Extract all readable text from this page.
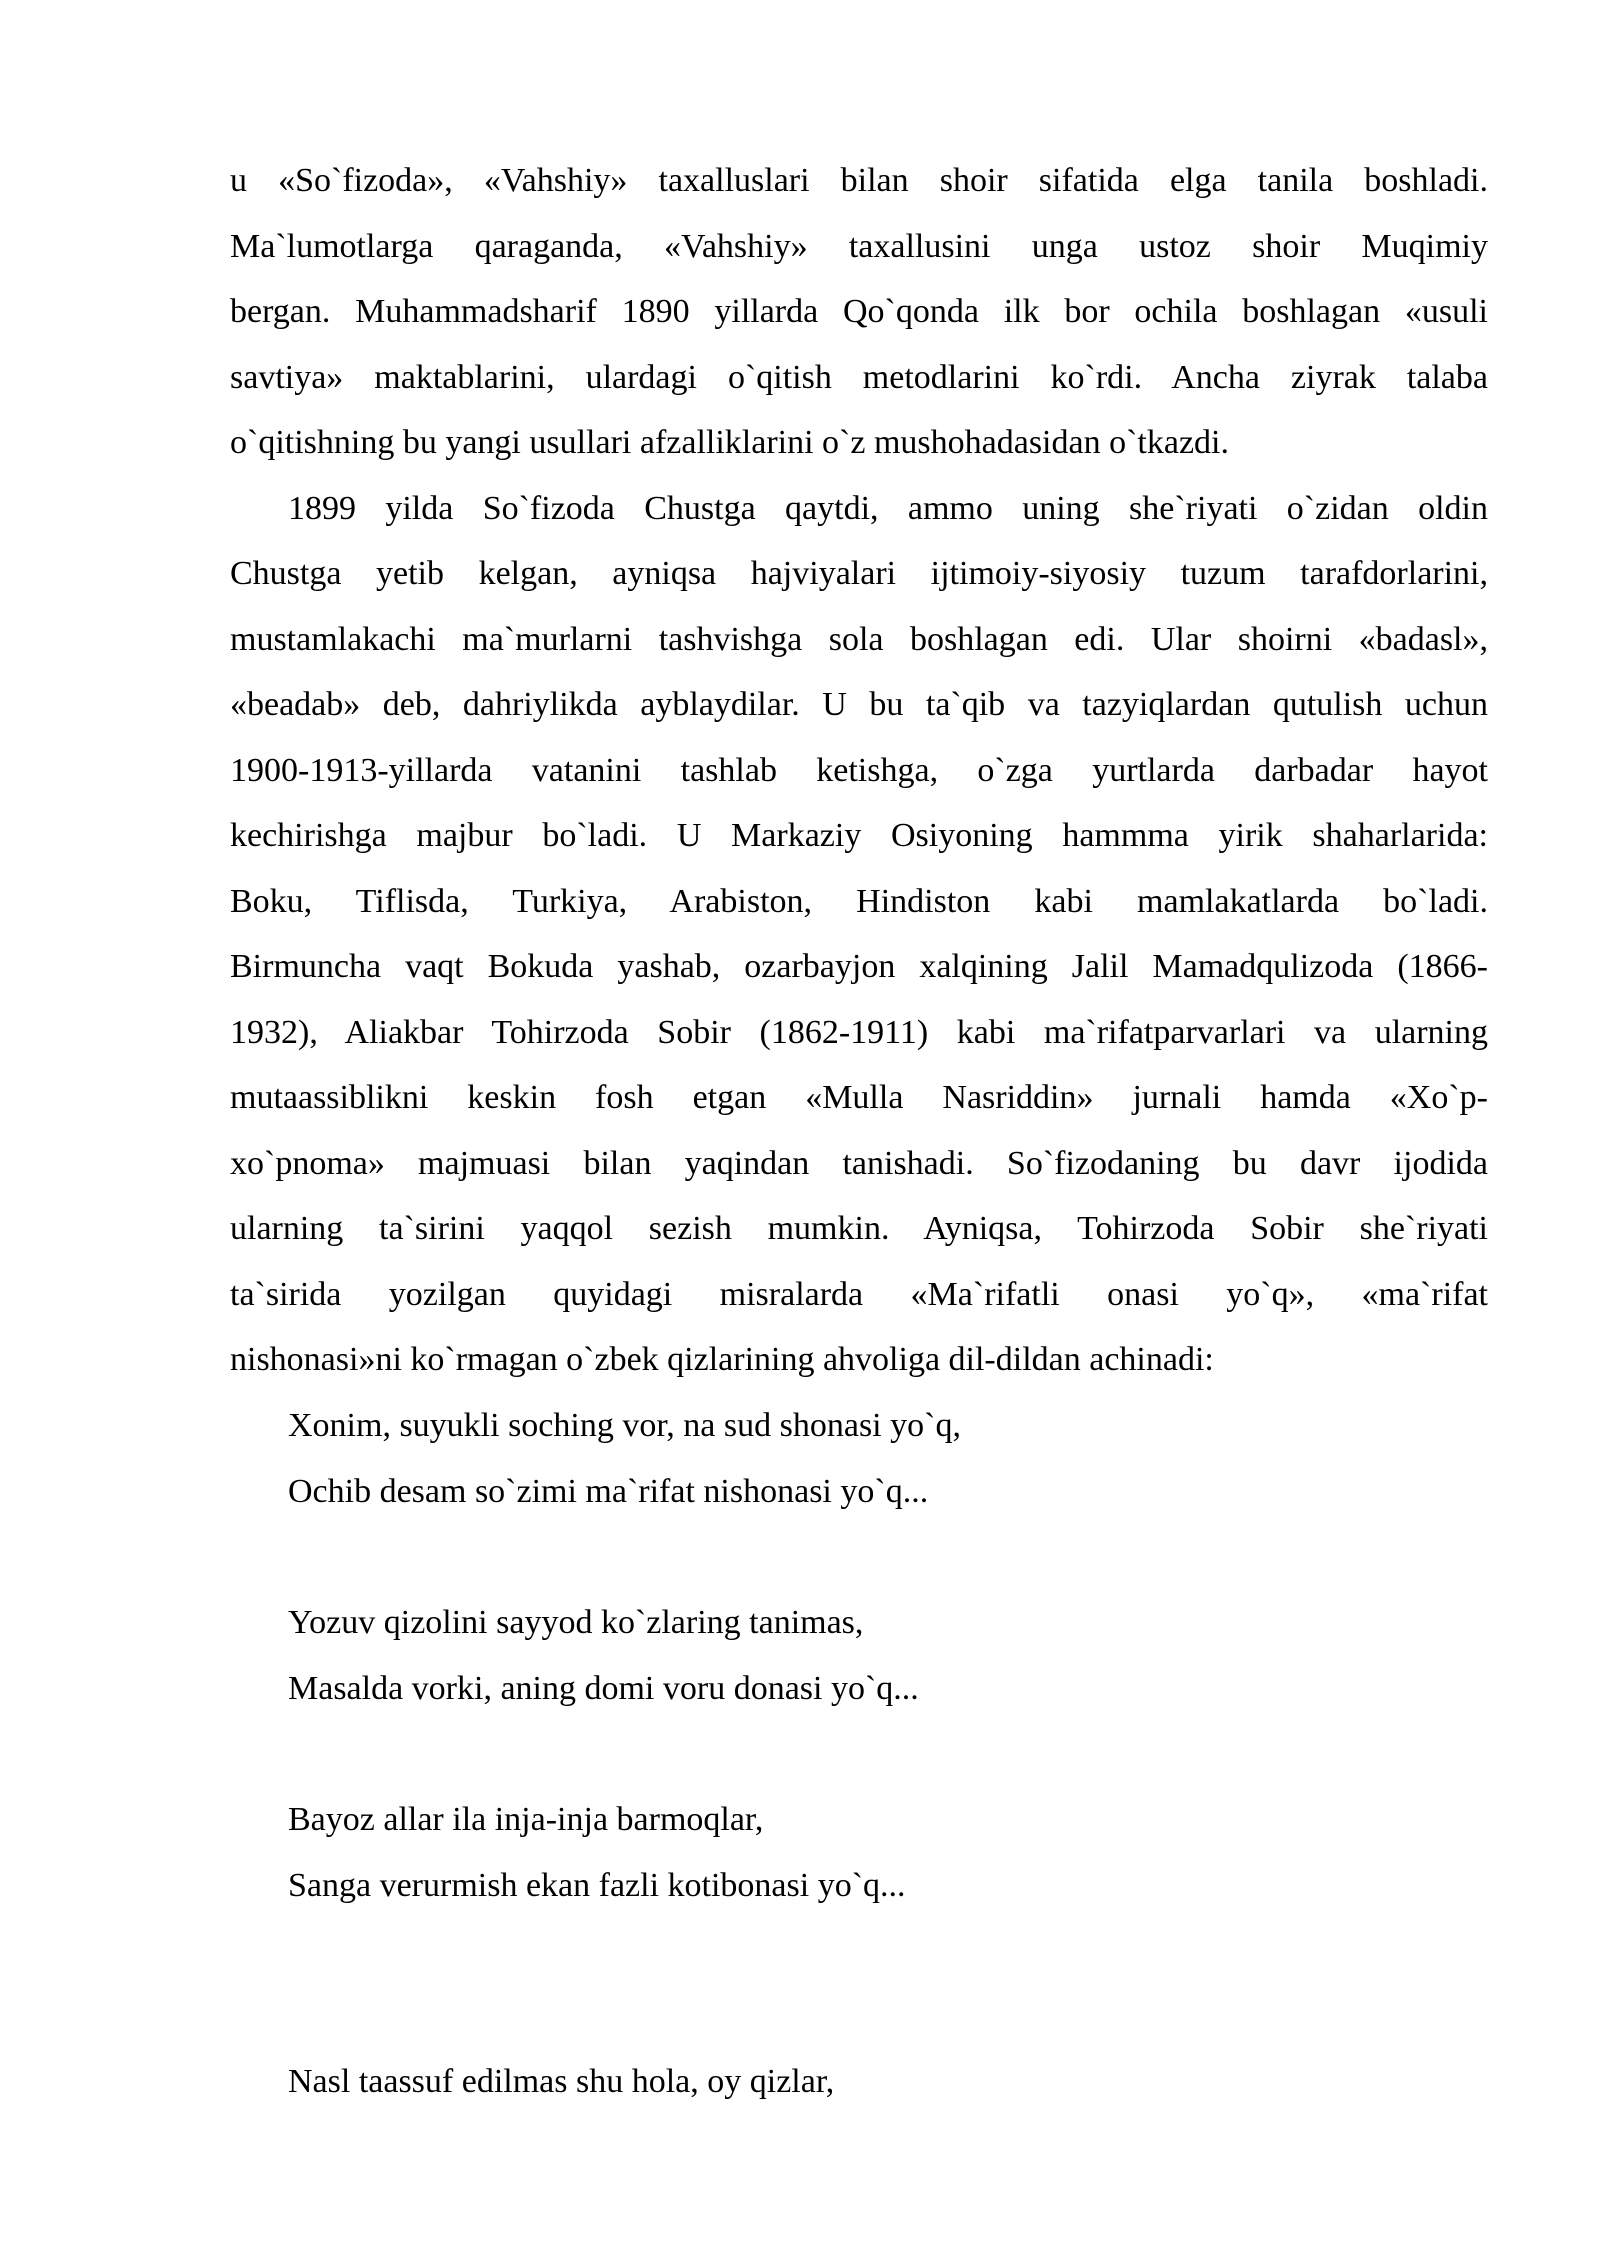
u «So`fizoda», «Vahshiy» taxalluslari bilan shoir sifatida elga tanila boshladi.
Ma`lumotlarga qaraganda, «Vahshiy» taxallusini unga ustoz shoir Muqimiy
bergan. Muhammadsharif 1890 yillarda Qo`qonda ilk bor ochila boshlagan «usuli
savtiya» maktablarini, ulardagi o`qitish metodlarini ko`rdi. Ancha ziyrak talaba
o`qitishning bu yangi usullari afzalliklarini o`z mushohadasidan o`tkazdi.
1899 yilda So`fizoda Chustga qaytdi, ammo uning she`riyati o`zidan oldin
Chustga yetib kelgan, ayniqsa hajviyalari ijtimoiy-siyosiy tuzum tarafdorlarini,
mustamlakachi ma`murlarni tashvishga sola boshlagan edi. Ular shoirni «badasl»,
«beadab» deb, dahriylikda ayblaydilar. U bu ta`qib va tazyiqlardan qutulish uchun
1900-1913-yillarda vatanini tashlab ketishga, o`zga yurtlarda darbadar hayot
kechirishga majbur bo`ladi. U Markaziy Osiyoning hammma yirik shaharlarida:
Boku, Tiflisda, Turkiya, Arabiston, Hindiston kabi mamlakatlarda bo`ladi.
Birmuncha vaqt Bokuda yashab, ozarbayjon xalqining Jalil Mamadqulizoda (1866-
1932), Aliakbar Tohirzoda Sobir (1862-1911) kabi ma`rifatparvarlari va ularning
mutaassiblikni keskin fosh etgan «Mulla Nasriddin» jurnali hamda «Xo`p-
xo`pnoma» majmuasi bilan yaqindan tanishadi. So`fizodaning bu davr ijodida
ularning ta`sirini yaqqol sezish mumkin. Ayniqsa, Tohirzoda Sobir she`riyati
ta`sirida yozilgan quyidagi misralarda «Ma`rifatli onasi yo`q», «ma`rifat
nishonasi»ni ko`rmagan o`zbek qizlarining ahvoliga dil-dildan achinadi:
Xonim, suyukli soching vor, na sud shonasi yo`q,
Ochib desam so`zimi ma`rifat nishonasi yo`q...
Yozuv qizolini sayyod ko`zlaring tanimas,
Masalda vorki, aning domi voru donasi yo`q...
Bayoz allar ila inja-inja barmoqlar,
Sanga verurmish ekan fazli kotibonasi yo`q...
Nasl taassuf edilmas shu hola, oy qizlar,
